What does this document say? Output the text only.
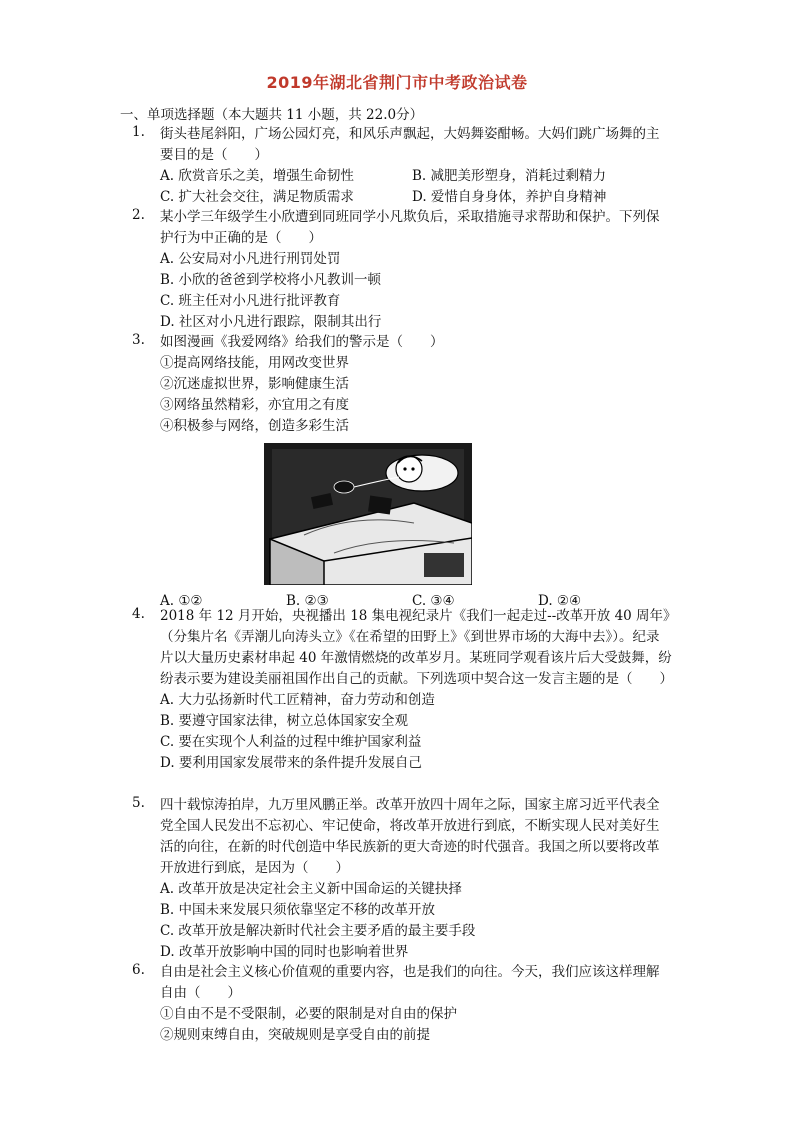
2019年湖北省荆门市中考政治试卷
一、单项选择题（本大题共 11 小题，共 22.0分）
1.	街头巷尾斜阳，广场公园灯亮，和风乐声飘起，大妈舞姿酣畅。大妈们跳广场舞的主要目的是（　　）
A. 欣赏音乐之美，增强生命韧性	B. 减肥美形塑身，消耗过剩精力
C. 扩大社会交往，满足物质需求	D. 爱惜自身身体，养护自身精神
2.	某小学三年级学生小欣遭到同班同学小凡欺负后，采取措施寻求帮助和保护。下列保护行为中正确的是（　　）
A. 公安局对小凡进行刑罚处罚
B. 小欣的爸爸到学校将小凡教训一顿
C. 班主任对小凡进行批评教育
D. 社区对小凡进行跟踪，限制其出行
3.	如图漫画《我爱网络》给我们的警示是（　　）
①提高网络技能，用网改变世界
②沉迷虚拟世界，影响健康生活
③网络虽然精彩，亦宜用之有度
④积极参与网络，创造多彩生活
A. ①②	B. ②③	C. ③④	D. ②④
4.	2018 年 12 月开始，央视播出 18 集电视纪录片《我们一起走过--改革开放 40 周年》（分集片名《弄潮儿向涛头立》《在希望的田野上》《到世界市场的大海中去》）。纪录片以大量历史素材串起 40 年激情燃烧的改革岁月。某班同学观看该片后大受鼓舞，纷纷表示要为建设美丽祖国作出自己的贡献。下列选项中契合这一发言主题的是（　　）
A. 大力弘扬新时代工匠精神，奋力劳动和创造
B. 要遵守国家法律，树立总体国家安全观
C. 要在实现个人利益的过程中维护国家利益
D. 要利用国家发展带来的条件提升发展自己
5.	四十载惊涛拍岸，九万里风鹏正举。改革开放四十周年之际，国家主席习近平代表全党全国人民发出不忘初心、牢记使命，将改革开放进行到底，不断实现人民对美好生活的向往，在新的时代创造中华民族新的更大奇迹的时代强音。我国之所以要将改革开放进行到底，是因为（　　）
A. 改革开放是决定社会主义新中国命运的关键抉择
B. 中国未来发展只须依靠坚定不移的改革开放
C. 改革开放是解决新时代社会主要矛盾的最主要手段
D. 改革开放影响中国的同时也影响着世界
6.	自由是社会主义核心价值观的重要内容，也是我们的向往。今天，我们应该这样理解自由（　　）
①自由不是不受限制，必要的限制是对自由的保护
②规则束缚自由，突破规则是享受自由的前提
